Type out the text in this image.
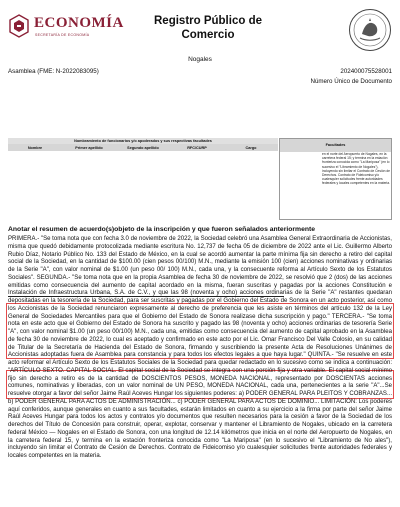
ECONOMÍA
SECRETARÍA DE ECONOMÍA
Registro Público de
Comercio
Nogales
Asamblea (FME: N-2022083095)	202400075528001
Número Único de Documento
Nombramiento de funcionarios y/o apoderados y sus respectivas facultades
Nombre	Primer apellido	Segundo apellido	RFC/CURP	Cargo
Facultades
en el norte del Aeropuerto de Nogales, en la carretera federal 15; y termina en la estación fronteriza conocida como "La Mariposa" (en lo sucesivo el "Libramiento de Nogales"), incluyendo sin limitar el Contrato de Cesión de Derechos. Contrato de Fideicomiso y/o cualesquier solicitudes frente autoridades federales y locales competentes en la materia.
Anotar el resumen de acuerdo(s)objeto de la inscripción y que fueron señalados anteriormente
PRIMERA.- "Se toma nota que con fecha 3.0 de noviembre de 2022, la Sociedad celebró una Asamblea General Extraordinaria de Accionistas, misma que quedó debidamente protocolizada mediante escritura No. 12,737 de fecha 05 de diciembre de 2022 ante el Lic. Guillermo Alberto Rubio Díaz, Notario Público No. 133 del Estado de México, en la cual se acordó aumentar la parte mínima fija sin derecho a retiro del capital social de la Sociedad, en la cantidad de $100.00 (cien pesos 00/100) M.N., mediante la emisión 100 (cien) acciones nominativas y ordinarias de la Serie "A", con valor nominal de $1.00 (un peso 00/ 100) M.N., cada una, y la consecuente reforma al Artículo Sexto de los Estatutos Sociales". SEGUNDA.- "Se toma nota que en la propia Asamblea de fecha 30 de noviembre de 2022, se resolvió que 2 (dos) de las acciones emitidas como consecuencia del aumento de capital acordado en la misma, fueran suscritas y pagadas por la acciones Constitución e Instalación de Infraestructura Urbana, S.A. de C.V., y que las 98 (noventa y ocho) acciones ordinarias de la Serie "A" restantes quedaran depositadas en la tesorería de la Sociedad, para ser suscritas y pagadas por el Gobierno del Estado de Sonora en un acto posterior, así como los Accionistas de la Sociedad renunciaron expresamente al derecho de preferencia que les asiste en términos del artículo 132 de la Ley General de Sociedades Mercantiles para que el Gobierno del Estado de Sonora realizase dicha suscripción y pago." TERCERA.- "Se toma nota en este acto que el Gobierno del Estado de Sonora ha suscrito y pagado las 98 (noventa y ocho) acciones ordinarias de tesorería Serie "A", con valor nominal $1.00 (un peso 00/100) M.N., cada una, emitidas como consecuencia del aumento de capital aprobado en la Asamblea de fecha 30 de noviembre de 2022, lo cual es aceptado y confirmado en este acto por el Lic. Omar Francisco Del Valle Colosio, en su calidad de Titular de la Secretaría de Hacienda del Estado de Sonora, firmando y suscribiendo la presente Acta de Resoluciones Unánimes de Accionistas adoptadas fuera de Asamblea para constancia y para todos los efectos legales a que haya lugar." QUINTA.- "Se resuelve en este acto reformar el Artículo Sexto de los Estatutos Sociales de la Sociedad para quedar redactado en lo sucesivo como se indica a continuación: "ARTÍCULO SEXTO. CAPITAL SOCIAL. El capital social de la Sociedad se integra con una porción fija y otra variable. El capital social mínimo fijo sin derecho a retiro es de la cantidad de DOSCIENTOS PESOS, MONEDA NACIONAL, representado por DOSCIENTAS acciones comunes, nominativas y liberadas, con un valor nominal de UN PESO, MONEDA NACIONAL, cada una, pertenecientes a la serie "A"...Se resuelve otorgar a favor del señor Jaime Raúl Aceves Hungar los siguientes poderes: a) PODER GENERAL PARA PLEITOS Y COBRANZAS... b) PODER GENERAL PARA ACTOS DE ADMINISTRACIÓN... c) PODER GENERAL PARA ACTOS DE DOMINIO... LIMITACIÓN: Los poderes aquí conferidos, aunque generales en cuanto a sus facultades, estarán limitados en cuanto a su ejercicio a la firma por parte del señor Jaime Raúl Aceves Hungar para todos los actos y contratos y/o documentos que resulten necesarios para la cesión a favor de la Sociedad de los derechos del Título de Concesión para construir, operar, explotar, conservar y mantener el Libramiento de Nogales, ubicado en la carretera federal México — Nogales en el Estado de Sonora, con una longitud de 12.14 kilómetros que inicia en el norte del Aeropuerto de Nogales, en la carretera federal 15, y termina en la estación fronteriza conocida como "La Mariposa" (en lo sucesivo el "Libramiento de No ales"), incluyendo sin limitar el Contrato de Cesión de Derechos. Contrato de Fideicomiso y/o cualesquier solicitudes frente autoridades federales y locales competentes en la materia.
